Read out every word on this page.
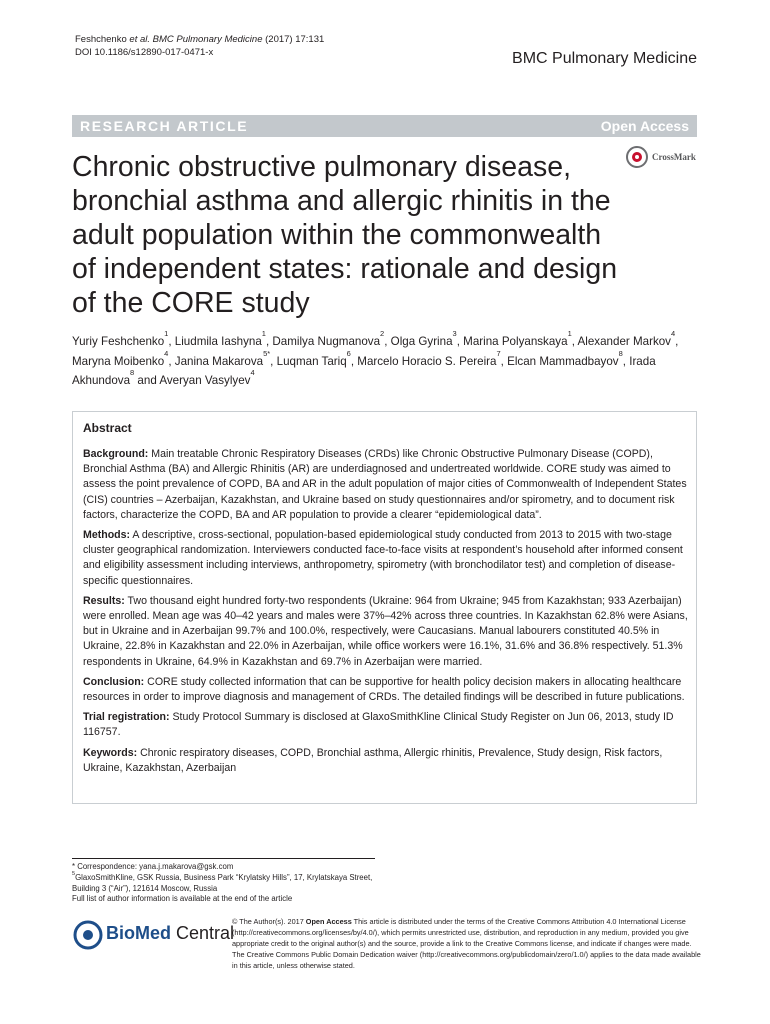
Feshchenko et al. BMC Pulmonary Medicine (2017) 17:131
DOI 10.1186/s12890-017-0471-x	BMC Pulmonary Medicine
RESEARCH ARTICLE	Open Access
CrossMark
Chronic obstructive pulmonary disease, bronchial asthma and allergic rhinitis in the adult population within the commonwealth of independent states: rationale and design of the CORE study
Yuriy Feshchenko$^1$, Liudmila Iashyna$^1$, Damilya Nugmanova$^2$, Olga Gyrina$^3$, Marina Polyanskaya$^1$, Alexander Markov$^4$, Maryna Moibenko$^4$, Janina Makarova$^{5*}$, Luqman Tariq$^6$, Marcelo Horacio S. Pereira$^7$, Elcan Mammadbayov$^8$, Irada Akhundova$^8$ and Averyan Vasylyev$^4$
Abstract

Background: Main treatable Chronic Respiratory Diseases (CRDs) like Chronic Obstructive Pulmonary Disease (COPD), Bronchial Asthma (BA) and Allergic Rhinitis (AR) are underdiagnosed and undertreated worldwide. CORE study was aimed to assess the point prevalence of COPD, BA and AR in the adult population of major cities of Commonwealth of Independent States (CIS) countries – Azerbaijan, Kazakhstan, and Ukraine based on study questionnaires and/or spirometry, and to document risk factors, characterize the COPD, BA and AR population to provide a clearer “epidemiological data”.

Methods: A descriptive, cross-sectional, population-based epidemiological study conducted from 2013 to 2015 with two-stage cluster geographical randomization. Interviewers conducted face-to-face visits at respondent’s household after informed consent and eligibility assessment including interviews, anthropometry, spirometry (with bronchodilator test) and completion of disease-specific questionnaires.

Results: Two thousand eight hundred forty-two respondents (Ukraine: 964 from Ukraine; 945 from Kazakhstan; 933 Azerbaijan) were enrolled. Mean age was 40–42 years and males were 37%–42% across three countries. In Kazakhstan 62.8% were Asians, but in Ukraine and in Azerbaijan 99.7% and 100.0%, respectively, were Caucasians. Manual labourers constituted 40.5% in Ukraine, 22.8% in Kazakhstan and 22.0% in Azerbaijan, while office workers were 16.1%, 31.6% and 36.8% respectively. 51.3% respondents in Ukraine, 64.9% in Kazakhstan and 69.7% in Azerbaijan were married.

Conclusion: CORE study collected information that can be supportive for health policy decision makers in allocating healthcare resources in order to improve diagnosis and management of CRDs. The detailed findings will be described in future publications.

Trial registration: Study Protocol Summary is disclosed at GlaxoSmithKline Clinical Study Register on Jun 06, 2013, study ID 116757.

Keywords: Chronic respiratory diseases, COPD, Bronchial asthma, Allergic rhinitis, Prevalence, Study design, Risk factors, Ukraine, Kazakhstan, Azerbaijan

* Correspondence: yana.j.makarova@gsk.com
$^5$GlaxoSmithKline, GSK Russia, Business Park “Krylatsky Hills”, 17, Krylatskaya Street, Building 3 (“Air”), 121614 Moscow, Russia
Full list of author information is available at the end of the article
BioMed Central
© The Author(s). 2017 Open Access This article is distributed under the terms of the Creative Commons Attribution 4.0 International License (http://creativecommons.org/licenses/by/4.0/), which permits unrestricted use, distribution, and reproduction in any medium, provided you give appropriate credit to the original author(s) and the source, provide a link to the Creative Commons license, and indicate if changes were made. The Creative Commons Public Domain Dedication waiver (http://creativecommons.org/publicdomain/zero/1.0/) applies to the data made available in this article, unless otherwise stated.
